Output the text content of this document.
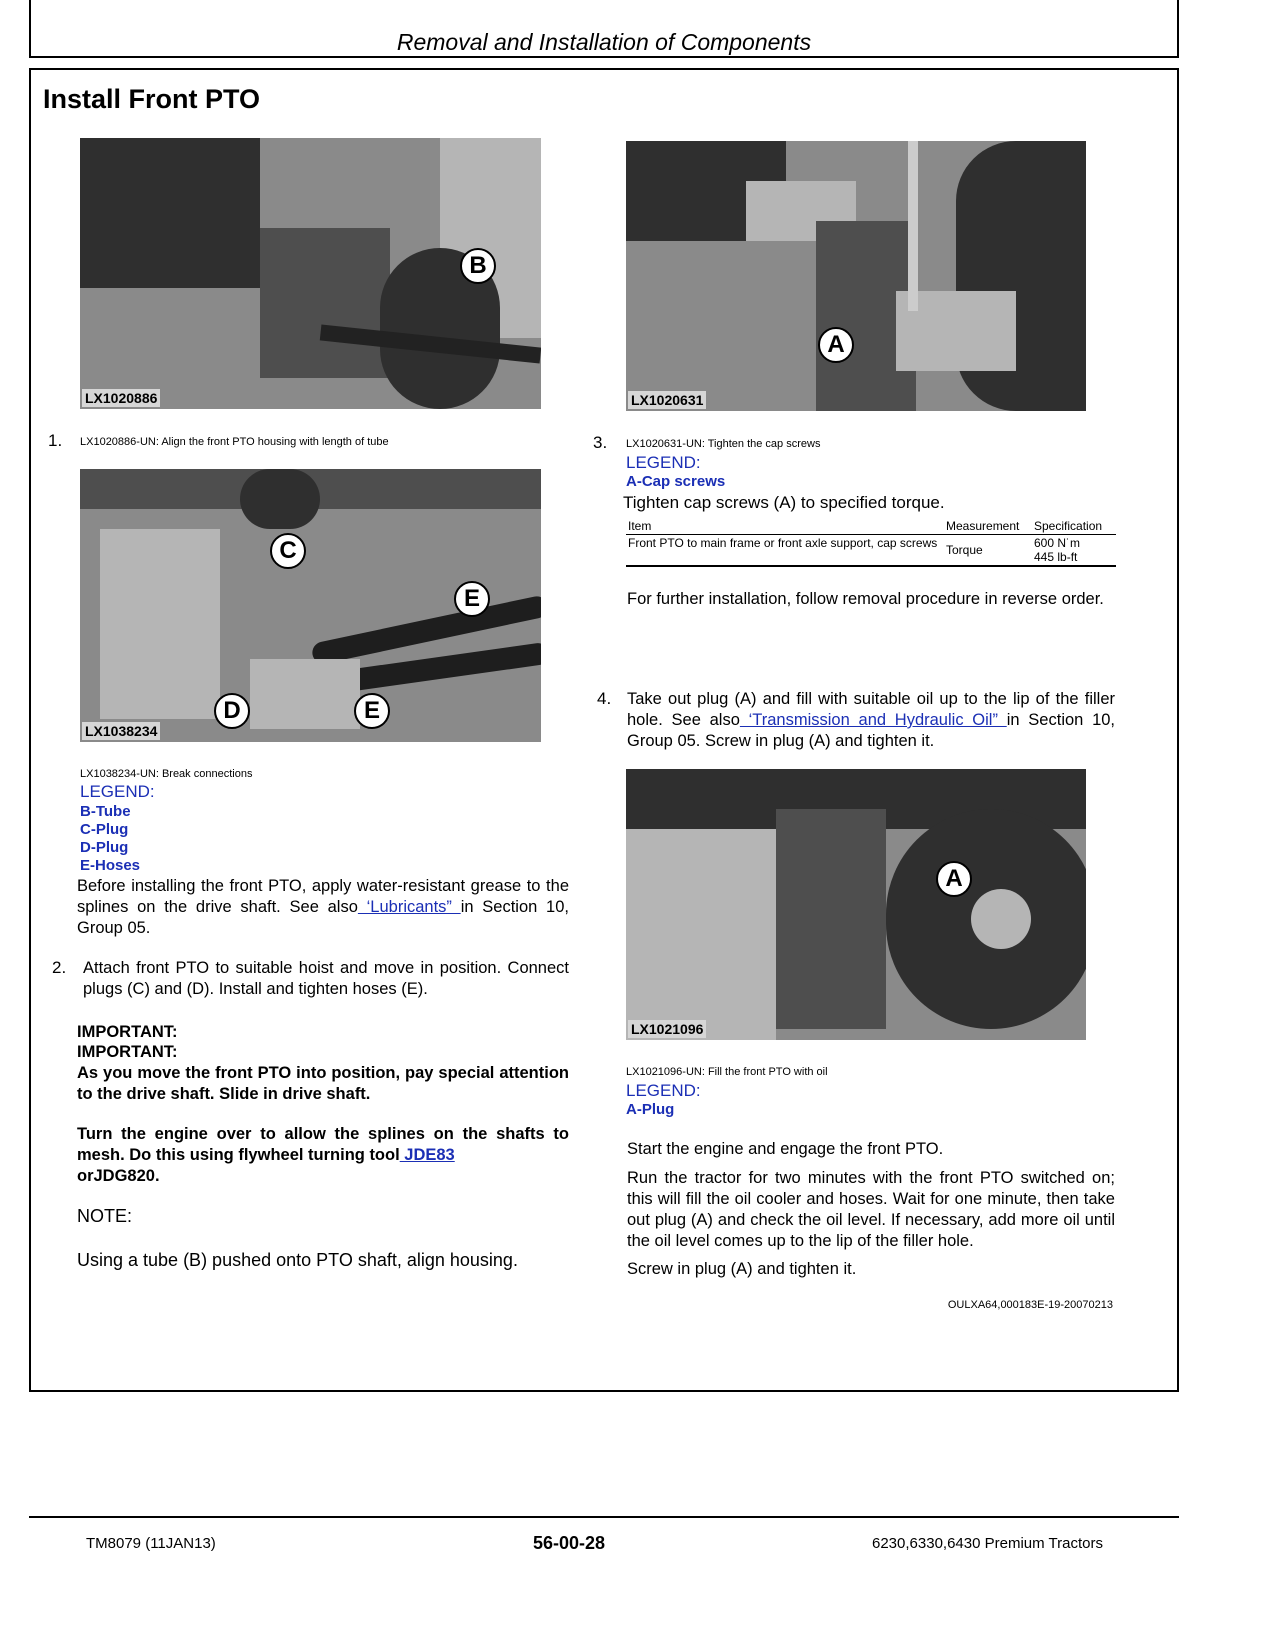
Removal and Installation of Components
Install Front PTO
B
LX1020886
1. LX1020886-UN: Align the front PTO housing with length of tube
C
E
D	E
LX1038234
LX1038234-UN: Break connections
LEGEND:
B-Tube
C-Plug
D-Plug
E-Hoses
Before installing the front PTO, apply water-resistant grease to the splines on the drive shaft. See also ‘Lubricants” in Section 10, Group 05.
2. Attach front PTO to suitable hoist and move in position. Connect plugs (C) and (D). Install and tighten hoses (E).
IMPORTANT:
IMPORTANT:
As you move the front PTO into position, pay special attention to the drive shaft. Slide in drive shaft.
Turn the engine over to allow the splines on the shafts to mesh. Do this using flywheel turning tool JDE83
orJDG820.
NOTE:
Using a tube (B) pushed onto PTO shaft, align housing.
A
LX1020631
3. LX1020631-UN: Tighten the cap screws
LEGEND:
A-Cap screws
Tighten cap screws (A) to specified torque.
Item	Measurement	Specification
Front PTO to main frame or front axle support, cap screws	Torque	600 N˙m
445 lb-ft
For further installation, follow removal procedure in reverse order.
4. Take out plug (A) and fill with suitable oil up to the lip of the filler hole. See also ‘Transmission and Hydraulic Oil” in Section 10, Group 05. Screw in plug (A) and tighten it.
A
LX1021096
LX1021096-UN: Fill the front PTO with oil
LEGEND:
A-Plug
Start the engine and engage the front PTO.
Run the tractor for two minutes with the front PTO switched on; this will fill the oil cooler and hoses. Wait for one minute, then take out plug (A) and check the oil level. If necessary, add more oil until the oil level comes up to the lip of the filler hole.
Screw in plug (A) and tighten it.
OULXA64,000183E-19-20070213
TM8079 (11JAN13)	56-00-28	6230,6330,6430 Premium Tractors
